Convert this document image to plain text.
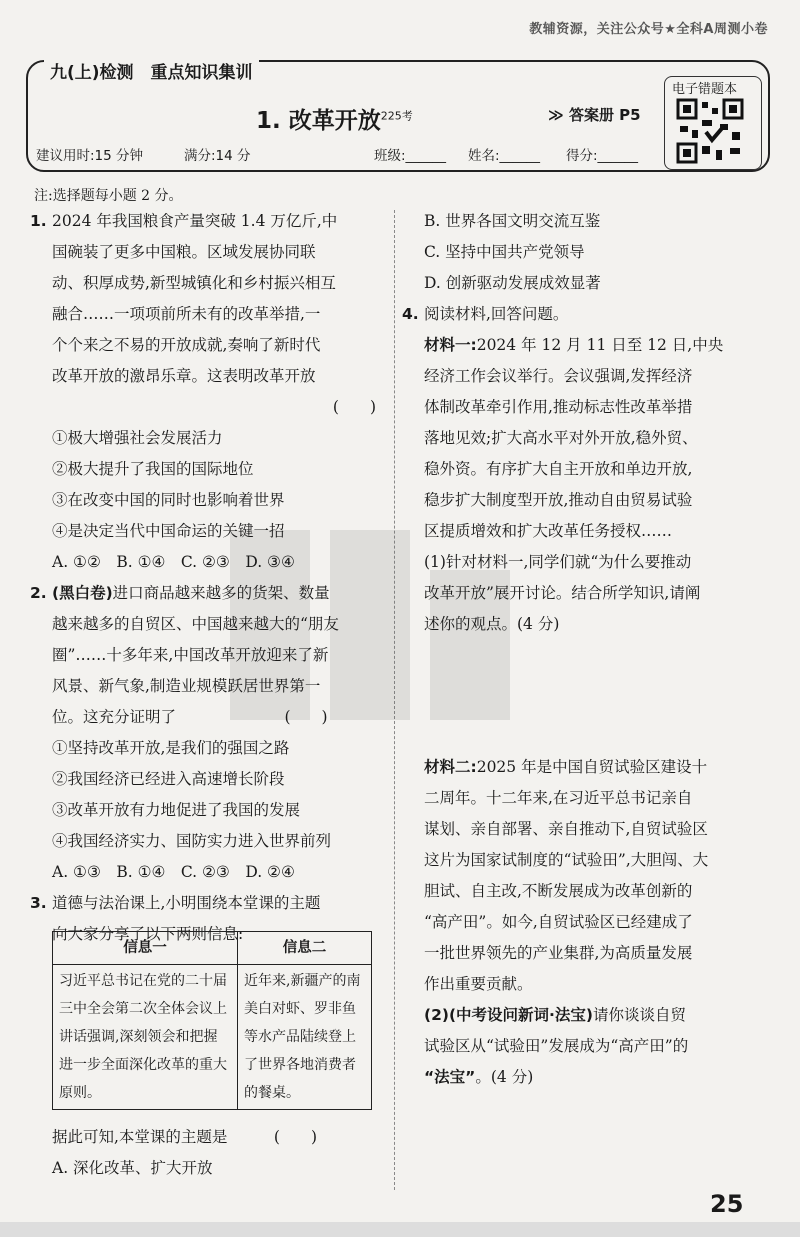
教辅资源，关注公众号★全科A周测小卷
九(上)检测　重点知识集训
1. 改革开放$^{225考}$	≫ 答案册 P5
建议用时:15 分钟	满分:14 分	班级:______ 姓名:______ 得分:______
电子错题本
注:选择题每小题 2 分。

1. 2024 年我国粮食产量突破 1.4 万亿斤,中

国碗装了更多中国粮。区域发展协同联

动、积厚成势,新型城镇化和乡村振兴相互

融合……一项项前所未有的改革举措,一

个个来之不易的开放成就,奏响了新时代

改革开放的激昂乐章。这表明改革开放

(　　)

①极大增强社会发展活力

②极大提升了我国的国际地位

③在改变中国的同时也影响着世界

④是决定当代中国命运的关键一招

A. ①②　B. ①④　C. ②③　D. ③④

2. (黑白卷)进口商品越来越多的货架、数量

越来越多的自贸区、中国越来越大的“朋友

圈”……十多年来,中国改革开放迎来了新

风景、新气象,制造业规模跃居世界第一

位。这充分证明了　　　　　　　(　　)

①坚持改革开放,是我们的强国之路

②我国经济已经进入高速增长阶段

③改革开放有力地促进了我国的发展

④我国经济实力、国防实力进入世界前列

A. ①③　B. ①④　C. ②③　D. ②④

3. 道德与法治课上,小明围绕本堂课的主题

向大家分享了以下两则信息:

信息一	信息二
习近平总书记在党的二十届三中全会第二次全体会议上讲话强调,深刻领会和把握进一步全面深化改革的重大原则。	近年来,新疆产的南美白对虾、罗非鱼等水产品陆续登上了世界各地消费者的餐桌。

据此可知,本堂课的主题是　　　(　　)

A. 深化改革、扩大开放

B. 世界各国文明交流互鉴

C. 坚持中国共产党领导

D. 创新驱动发展成效显著

4. 阅读材料,回答问题。

材料一:2024 年 12 月 11 日至 12 日,中央

经济工作会议举行。会议强调,发挥经济

体制改革牵引作用,推动标志性改革举措

落地见效;扩大高水平对外开放,稳外贸、

稳外资。有序扩大自主开放和单边开放,

稳步扩大制度型开放,推动自由贸易试验

区提质增效和扩大改革任务授权……

(1)针对材料一,同学们就“为什么要推动

改革开放”展开讨论。结合所学知识,请阐

述你的观点。(4 分)

材料二:2025 年是中国自贸试验区建设十

二周年。十二年来,在习近平总书记亲自

谋划、亲自部署、亲自推动下,自贸试验区

这片为国家试制度的“试验田”,大胆闯、大

胆试、自主改,不断发展成为改革创新的

“高产田”。如今,自贸试验区已经建成了

一批世界领先的产业集群,为高质量发展

作出重要贡献。

(2)(中考设问新词·法宝)请你谈谈自贸

试验区从“试验田”发展成为“高产田”的

“法宝”。(4 分)

25
